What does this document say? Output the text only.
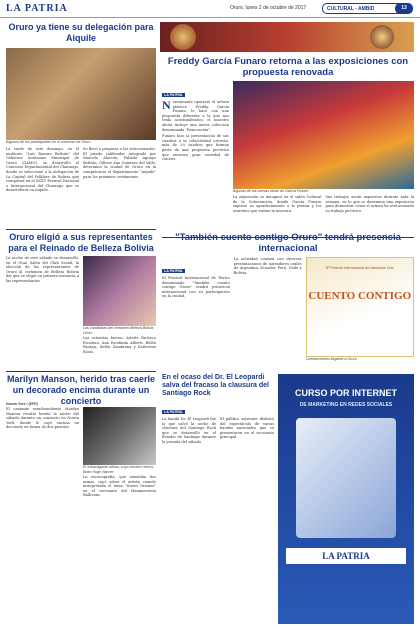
LA PATRIA	Oruro, lunes 2 de octubre de 2017	CULTURAL - AMBID	13
Oruro ya tiene su delegación para Aiquile
Algunos de los participantes en el concurso de Oruro
La tarde de este domingo, en el auditorio "Luis Ramiro Beltrán" del Gobierno Autónomo Municipal de Oruro (GAMO), se desarrolló el Concurso Departamental del Charango, donde se seleccionó a la delegación de La Capital del Folklore de Bolivia que competirá en el XXXV Festival Nacional e Internacional del Charango que se desarrollará en Aiquile.
Se llevó a preparar a los seleccionados. El jurado calificador integrado por Marcelo Alarcón, Fabiola Aguayo Beltrán, Gilbert Ana Quintero del Valle, determinó la ciudad de Oruro en la competencia el departamento "Aiquile" para los próximos certámenes.
Oruro eligió a sus representantes para el Reinado de Belleza Bolivia
La noche de este sábado se desarrolló, en el Gran Salón del Club Social, la elección de las representantes de Oruro al certamen de Belleza Bolivia del que se eligió en primera instancia a las representantes.
Las candidatas del certamen Belleza Bolivia Oruro
Las señoritas fueron: Arlette Pacheco Escalera, Ana Estefanía Alberti, Belén Pantoja, Belén Zambrana y Katherine Rossi.
Marilyn Manson, herido tras caerle un decorado encima durante un concierto
Nueva York / (EFE)
El cantante estadounidense Marilyn Manson resultó herido la noche del sábado durante un concierto en Nueva York, donde le cayó encima un decorado en forma de dos pistolas.
El extravagante artista, cuyo nombre real es Brian Hugh Warner
La escenografía, que simulaba dos armas, cayó sobre el artista cuando interpretaba el tema "Sweet Dreams" en el escenario del Hammerstein Ballroom.
Arte y Cultura
Freddy García Funaro retorna a las exposiciones con propuesta renovada
LA PATRIA
Nuevamente apareció el artista plástico Freddy García Funaro, le hace con una propuesta diferente a la que nos tenía acostumbrados, el maestro ahora incluye una nueva colección denominada "Renovación".
Funaro hizo la presentación de sus cuadros a la colectividad orureña, más de 20 cuadros que forman parte de una propuesta pictórica que encierra gran variedad de colores.
Algunas de las nuevas obras de García Funaro
La exposición se inauguró en el salón Cultural de la Gobernación, donde García Funaro expresó su agradecimiento a la prensa y los orureños que visitan la muestra.
Sus trabajos serán expuestos durante toda la semana, en lo que se denomina una exposición para demostrar cómo el artista ha evolucionado su trabajo pictórico.
"También cuento contigo Oruro" tendrá presencia internacional
LA PATRIA
El Festival Internacional de Teatro denominado "También cuento contigo Oruro" tendrá presencia internacional con su participación en la ciudad.
La actividad contará con diversas presentaciones de narradores orales de Argentina, Ecuador, Perú, Chile y Bolivia.
8º Festival Internacional de Narración Oral
CUENTO CONTIGO
Cuentacuentos llegarán a Oruro
En el ocaso del Dr. El Leopardi salva del fracaso la clausura del Santiago Rock
LA PATRIA
La banda Dr. El Leopardi fue la que salvó la noche de clausura del Santiago Rock que se desarrolló en el Estadio de Santiago durante la jornada del sábado.
El público asistente disfrutó del espectáculo de varias bandas nacionales que se presentaron en el escenario principal.
CURSO POR INTERNET
DE MARKETING EN REDES SOCIALES
LA PATRIA
